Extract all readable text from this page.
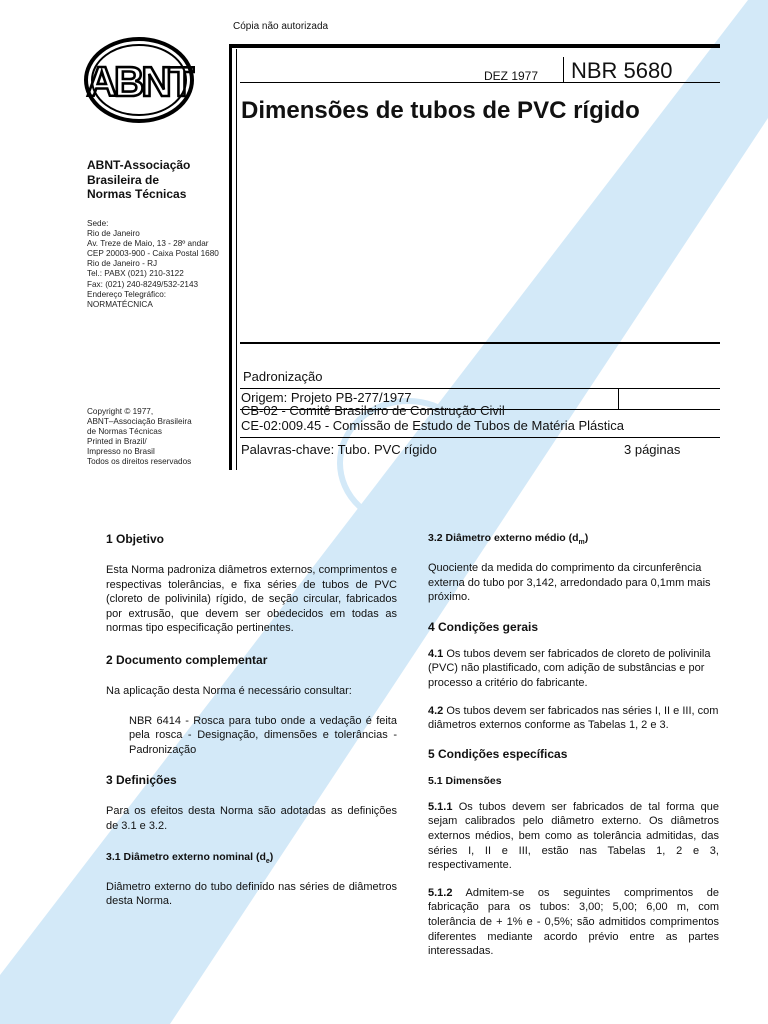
Cópia não autorizada
ABNT
ABNT-Associação
Brasileira de
Normas Técnicas
Sede:
Rio de Janeiro
Av. Treze de Maio, 13 - 28º andar
CEP 20003-900 - Caixa Postal 1680
Rio de Janeiro - RJ
Tel.: PABX (021) 210-3122
Fax: (021) 240-8249/532-2143
Endereço Telegráfico:
NORMATÉCNICA
Copyright © 1977,
ABNT–Associação Brasileira
de Normas Técnicas
Printed in Brazil/
Impresso no Brasil
Todos os direitos reservados
DEZ 1977 NBR 5680
Dimensões de tubos de PVC rígido
Padronização
Origem: Projeto PB-277/1977
CB-02 - Comitê Brasileiro de Construção Civil
CE-02:009.45 - Comissão de Estudo de Tubos de Matéria Plástica
Palavras-chave: Tubo. PVC rígido	3 páginas

1 Objetivo

Esta Norma padroniza diâmetros externos, comprimentos e respectivas tolerâncias, e fixa séries de tubos de PVC (cloreto de polivinila) rígido, de seção circular, fabricados por extrusão, que devem ser obedecidos em todas as normas tipo especificação pertinentes.

2 Documento complementar

Na aplicação desta Norma é necessário consultar:

NBR 6414 - Rosca para tubo onde a vedação é feita pela rosca - Designação, dimensões e tolerâncias - Padronização

3 Definições

Para os efeitos desta Norma são adotadas as definições de 3.1 e 3.2.

3.1 Diâmetro externo nominal $(d_e)$

Diâmetro externo do tubo definido nas séries de diâmetros desta Norma.

3.2 Diâmetro externo médio $(d_m)$

Quociente da medida do comprimento da circunferência externa do tubo por 3,142, arredondado para 0,1mm mais próximo.

4 Condições gerais

4.1 Os tubos devem ser fabricados de cloreto de polivinila (PVC) não plastificado, com adição de substâncias e por processo a critério do fabricante.

4.2 Os tubos devem ser fabricados nas séries I, II e III, com diâmetros externos conforme as Tabelas 1, 2 e 3.

5 Condições específicas

5.1 Dimensões

5.1.1 Os tubos devem ser fabricados de tal forma que sejam calibrados pelo diâmetro externo. Os diâmetros externos médios, bem como as tolerância admitidas, das séries I, II e III, estão nas Tabelas 1, 2 e 3, respectivamente.

5.1.2 Admitem-se os seguintes comprimentos de fabricação para os tubos: 3,00; 5,00; 6,00 m, com tolerância de + 1% e - 0,5%; são admitidos comprimentos diferentes mediante acordo prévio entre as partes interessadas.
